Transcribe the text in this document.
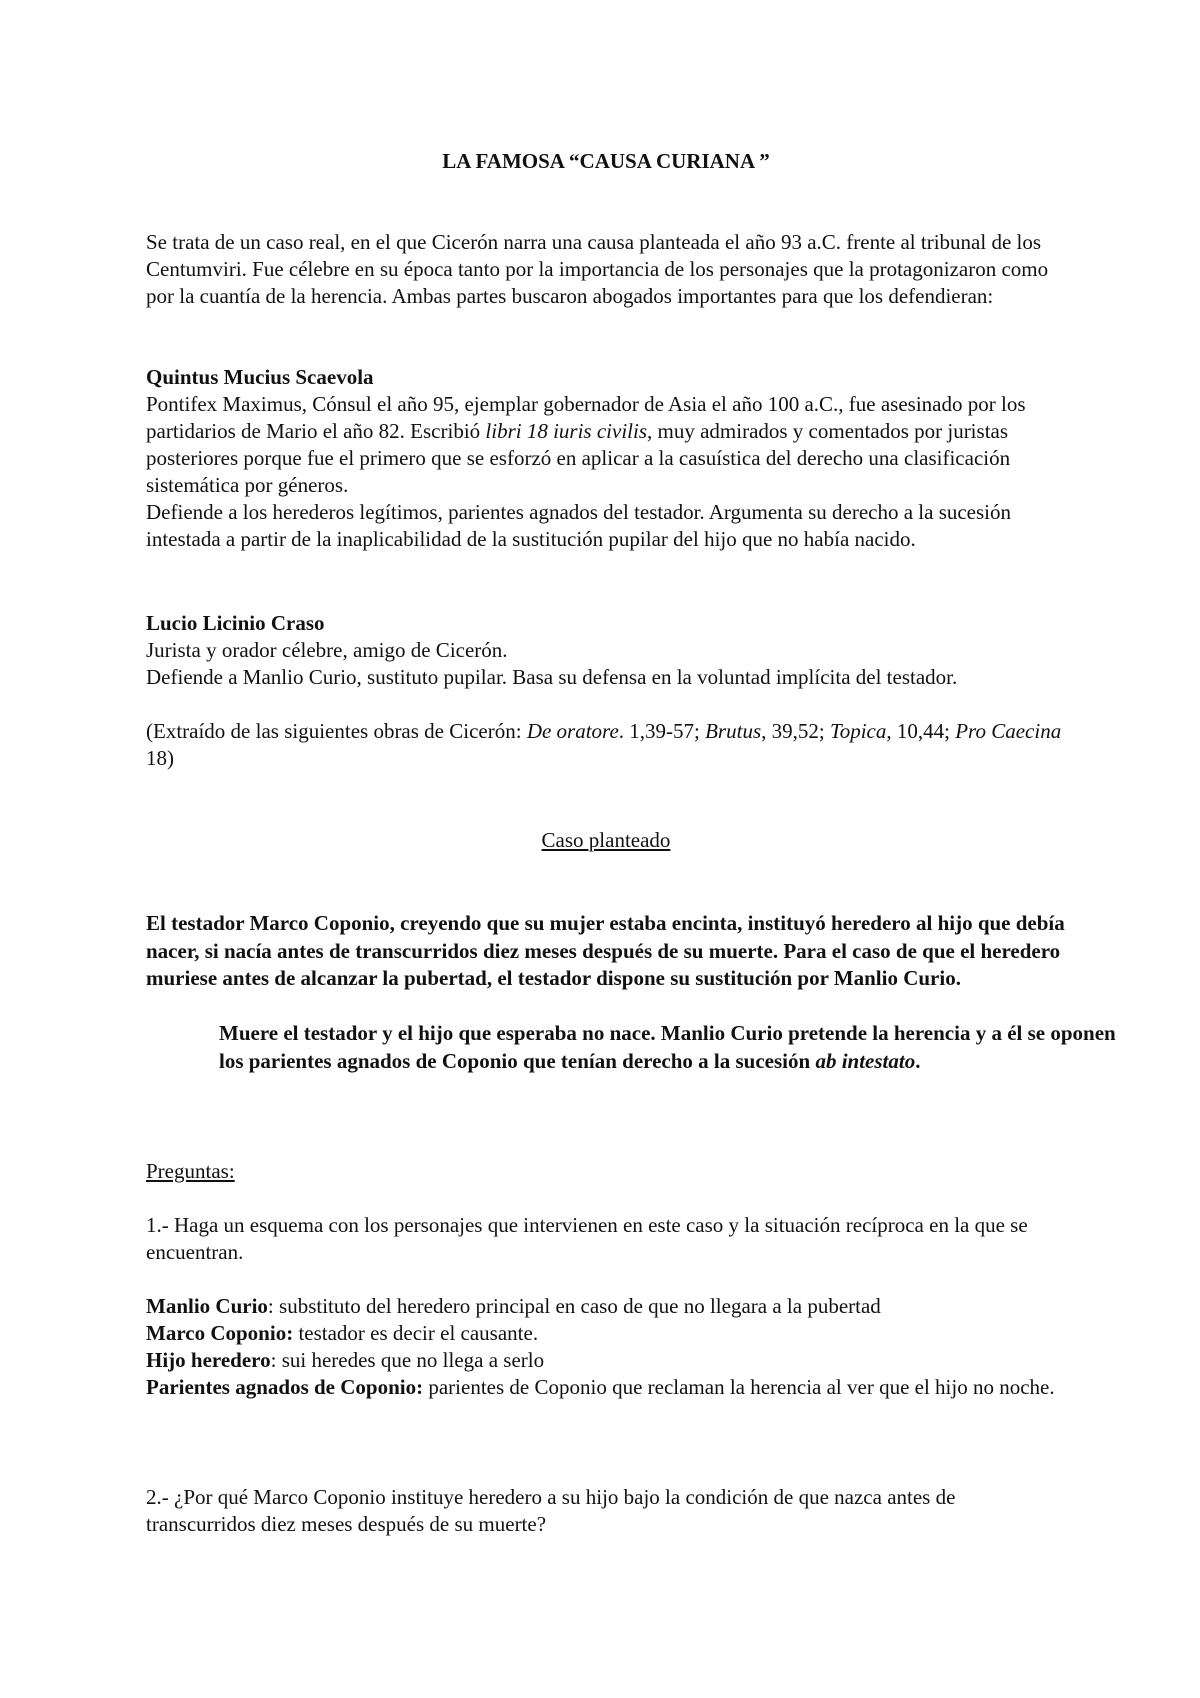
LA FAMOSA “CAUSA CURIANA ”

Se trata de un caso real, en el que Cicerón narra una causa planteada el año 93 a.C. frente al tribunal de los Centumviri. Fue célebre en su época tanto por la importancia de los personajes que la protagonizaron como por la cuantía de la herencia. Ambas partes buscaron abogados importantes para que los defendieran:

Quintus Mucius Scaevola

Pontifex Maximus, Cónsul el año 95, ejemplar gobernador de Asia el año 100 a.C., fue asesinado por los partidarios de Mario el año 82. Escribió libri 18 iuris civilis, muy admirados y comentados por juristas posteriores porque fue el primero que se esforzó en aplicar a la casuística del derecho una clasificación sistemática por géneros.

Defiende a los herederos legítimos, parientes agnados del testador. Argumenta su derecho a la sucesión intestada a partir de la inaplicabilidad de la sustitución pupilar del hijo que no había nacido.

Lucio Licinio Craso

Jurista y orador célebre, amigo de Cicerón.

Defiende a Manlio Curio, sustituto pupilar. Basa su defensa en la voluntad implícita del testador.

(Extraído de las siguientes obras de Cicerón: De oratore. 1,39-57; Brutus, 39,52; Topica, 10,44; Pro Caecina 18)

Caso planteado

El testador Marco Coponio, creyendo que su mujer estaba encinta, instituyó heredero al hijo que debía nacer, si nacía antes de transcurridos diez meses después de su muerte. Para el caso de que el heredero muriese antes de alcanzar la pubertad, el testador dispone su sustitución por Manlio Curio.

Muere el testador y el hijo que esperaba no nace. Manlio Curio pretende la herencia y a él se oponen los parientes agnados de Coponio que tenían derecho a la sucesión ab intestato.

Preguntas:

1.- Haga un esquema con los personajes que intervienen en este caso y la situación recíproca en la que se encuentran.

Manlio Curio: substituto del heredero principal en caso de que no llegara a la pubertad

Marco Coponio: testador es decir el causante.

Hijo heredero: sui heredes que no llega a serlo

Parientes agnados de Coponio: parientes de Coponio que reclaman la herencia al ver que el hijo no noche.

2.- ¿Por qué Marco Coponio instituye heredero a su hijo bajo la condición de que nazca antes de transcurridos diez meses después de su muerte?
